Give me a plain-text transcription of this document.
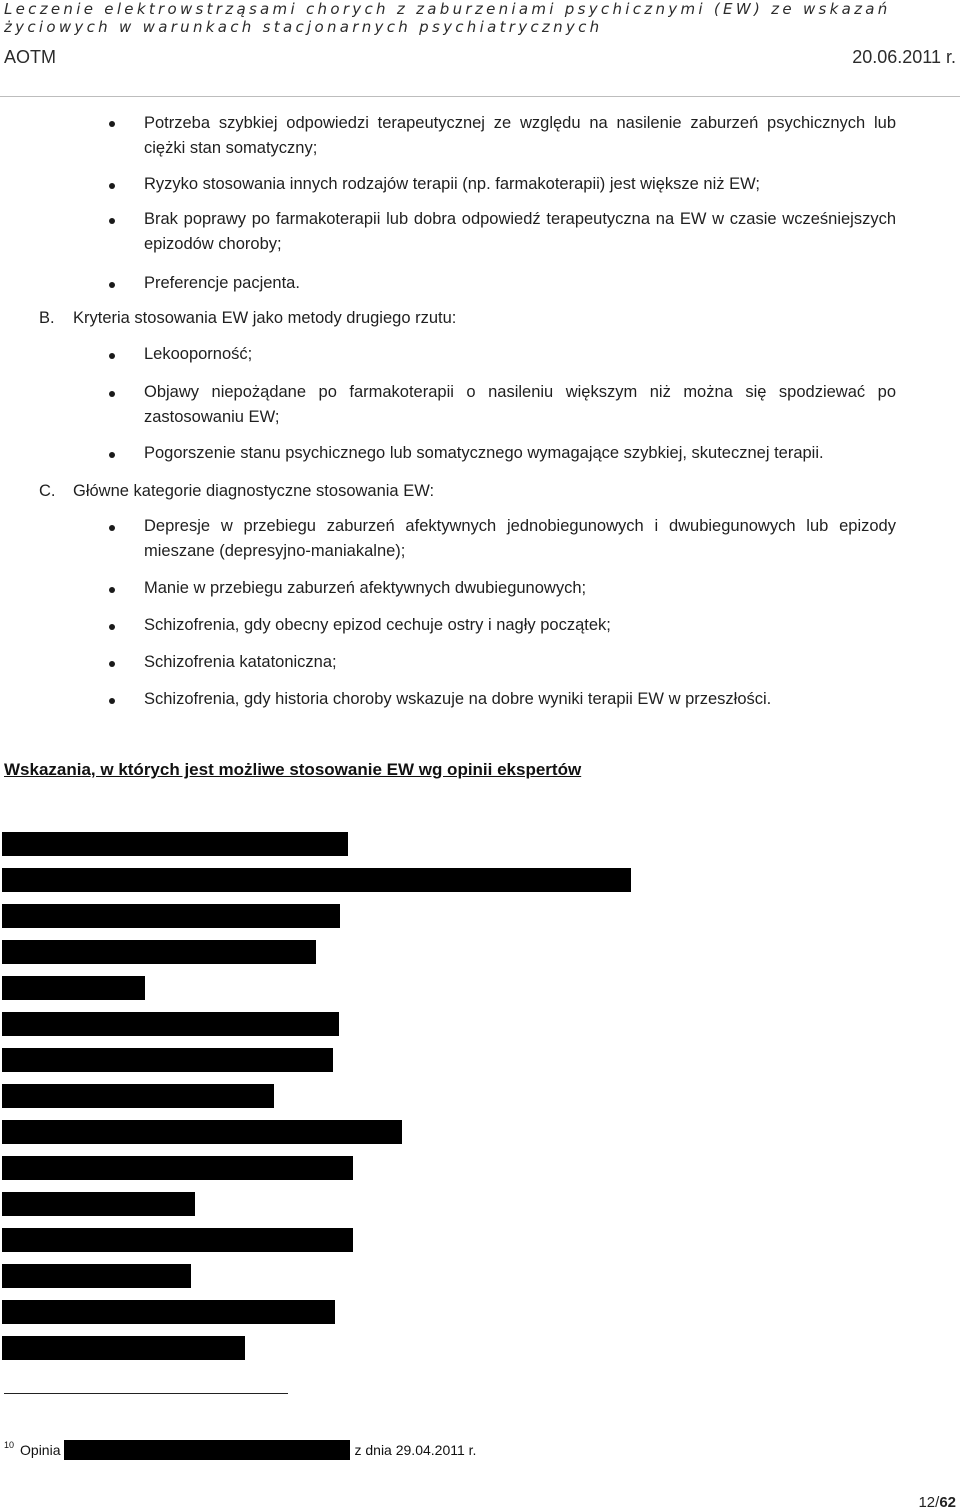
Leczenie elektrowstrząsami chorych z zaburzeniami psychicznymi (EW) ze wskazań

życiowych w warunkach stacjonarnych psychiatrycznych

AOTM	20.06.2011 r.
Potrzeba szybkiej odpowiedzi terapeutycznej ze względu na nasilenie zaburzeń psychicznych lub ciężki stan somatyczny;
Ryzyko stosowania innych rodzajów terapii (np. farmakoterapii) jest większe niż EW;
Brak poprawy po farmakoterapii lub dobra odpowiedź terapeutyczna na EW w czasie wcześniejszych epizodów choroby;
Preferencje pacjenta.
B. Kryteria stosowania EW jako metody drugiego rzutu:
Lekooporność;
Objawy niepożądane po farmakoterapii o nasileniu większym niż można się spodziewać po zastosowaniu EW;
Pogorszenie stanu psychicznego lub somatycznego wymagające szybkiej, skutecznej terapii.
C. Główne kategorie diagnostyczne stosowania EW:
Depresje w przebiegu zaburzeń afektywnych jednobiegunowych i dwubiegunowych lub epizody mieszane (depresyjno-maniakalne);
Manie w przebiegu zaburzeń afektywnych dwubiegunowych;
Schizofrenia, gdy obecny epizod cechuje ostry i nagły początek;
Schizofrenia katatoniczna;
Schizofrenia, gdy historia choroby wskazuje na dobre wyniki terapii EW w przeszłości.
Wskazania, w których jest możliwe stosowanie EW wg opinii ekspertów
$^{10}$ Opinia	z dnia 29.04.2011 r.
12/62
